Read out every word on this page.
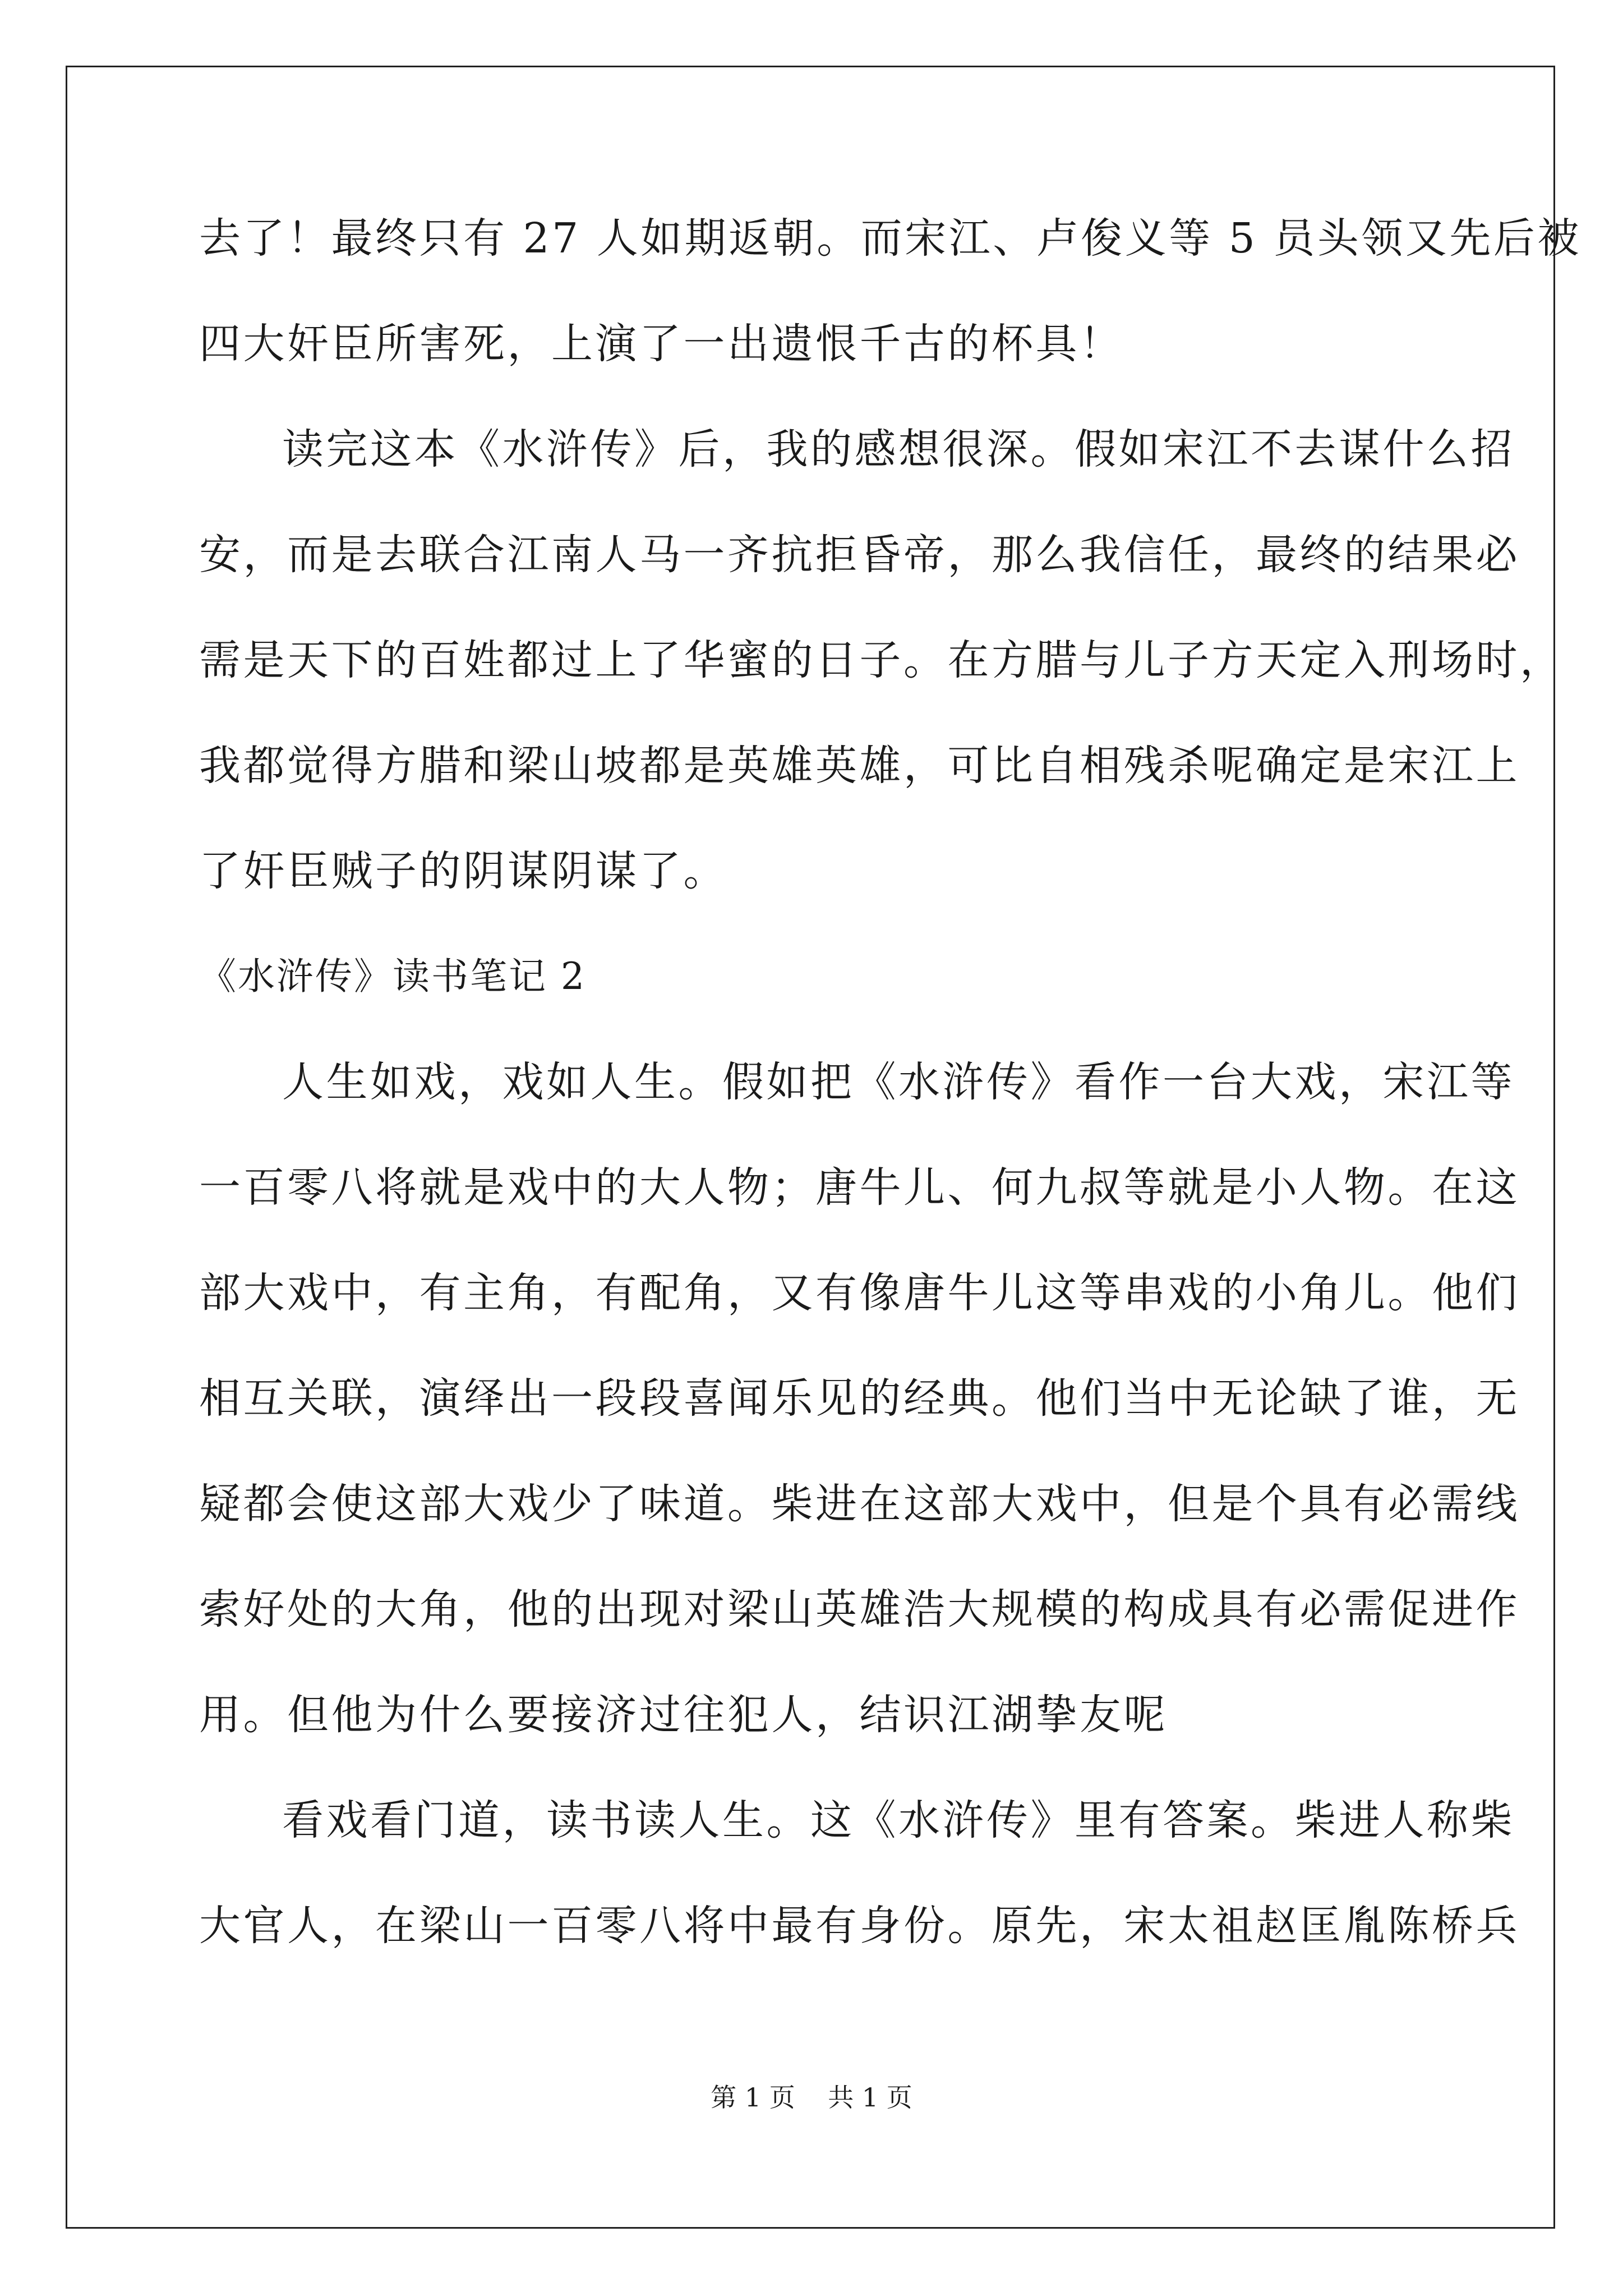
去了！最终只有 27 人如期返朝。而宋江、卢俊义等 5 员头领又先后被
四大奸臣所害死，上演了一出遗恨千古的杯具！
读完这本《水浒传》后，我的感想很深。假如宋江不去谋什么招
安，而是去联合江南人马一齐抗拒昏帝，那么我信任，最终的结果必
需是天下的百姓都过上了华蜜的日子。在方腊与儿子方天定入刑场时，
我都觉得方腊和梁山坡都是英雄英雄，可比自相残杀呢确定是宋江上
了奸臣贼子的阴谋阴谋了。
《水浒传》读书笔记 2
人生如戏，戏如人生。假如把《水浒传》看作一台大戏，宋江等
一百零八将就是戏中的大人物；唐牛儿、何九叔等就是小人物。在这
部大戏中，有主角，有配角，又有像唐牛儿这等串戏的小角儿。他们
相互关联，演绎出一段段喜闻乐见的经典。他们当中无论缺了谁，无
疑都会使这部大戏少了味道。柴进在这部大戏中，但是个具有必需线
索好处的大角，他的出现对梁山英雄浩大规模的构成具有必需促进作
用。但他为什么要接济过往犯人，结识江湖挚友呢
看戏看门道，读书读人生。这《水浒传》里有答案。柴进人称柴
大官人，在梁山一百零八将中最有身份。原先，宋太祖赵匡胤陈桥兵
第 1 页    共 1 页
